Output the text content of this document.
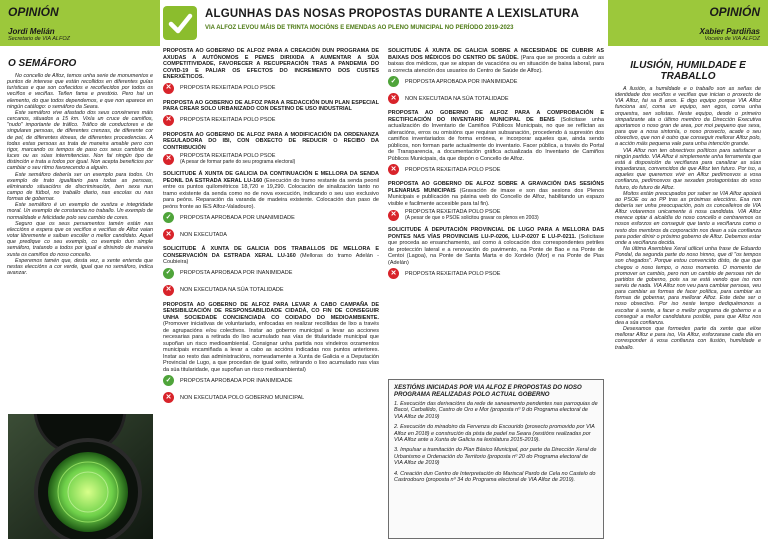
OPINIÓN
Jordi Melián
Secretario de VIA ALFOZ
O SEMÁFORO

No concello de Alfoz, temos unha serie de monumentos e puntos de interese que están recollidos en diferentes guías turísticas e que son coñecidos e recoñecidos por todos os veciños e veciñas. Teñen fama e prestixio. Pero hai un elemento, do que todos dependemos, e que non aparece en ningún catálogo: o semáforo da Seara.

Este semáforo vive afastado dos seus conxéneres máis cercanos, situados a 15 km. Vixía un cruce de camiños, "nudo" importante de tráfico. Tráfico de conductores e de singulares persoas, de diferentes crenzas, de diferente cor de pel, de diferentes étneas, de diferentes procedencias. A todas estas persoas as trata de maneira amable pero con rigor, marcando os tempos de paso cos seus cambios de luces ou as súas intermitencias. Non fai ningún tipo de distinción e trata a todos por igual. Non acepta beneficios por cambiar o seu ritmo favorecendo a alguén.

Este semáforo debería ser un exemplo para todos. Un exemplo de trato igualitario para todas as persoas, eliminando situacións de discriminación, ben sexa nun campo de fútbol, no traballo diario, nas escolas ou nas formas de gobernar.

Este semáforo é un exemplo de xustiza e integridade moral. Un exemplo de constancia no traballo. Un exemplo de normalidade e felicidade polo seu cambio de cores.

Seguro que os seus persamentos tamén están nas eleccións e espera que os veciños e veciñas de Alfoz vaian votar libremente e saiban escoller o mellor candidato. Aquel que predique co seu exemplo, co exemplo dun simple semáforo, tratando a todos por igual e dirixindo de maneira xusta os camiños do noso concello.

Esperemos tamén que, desta vez, a xente entenda que nestas eleccións a cor verde, igual que no semáforo, indica avanzar.

ALGUNHAS DAS NOSAS PROPOSTAS DURANTE A LEXISLATURA
VIA ALFOZ LEVOU MÁIS DE TRINTA MOCIÓNS E EMENDAS AO PLENO MUNICIPAL NO PERÍODO 2019-2023
PROPOSTA AO GOBERNO DE ALFOZ PARA A CREACIÓN DUN PROGRAMA DE AXUDAS A AUTÓNOMOS E PEMES DIRIXIDA A AUMENTAR A SÚA COMPETITIVIDADE, FAVORECER A RECUPERACIÓN TRAS A PANDEMIA DO COVID-19 E PALIAR OS EFECTOS DO INCREMENTO DOS CUSTES ENERXÉTICOS.
✕	PROPOSTA REXEITADA POLO PSOE
PROPOSTA AO GOBERNO DE ALFOZ PARA A REDACCIÓN DUN PLAN ESPECIAL PARA CREAR SOLO URBANIZADO CON DESTINO DE USO INDUSTRIAL
✕	PROPOSTA REXEITADA POLO PSOE
PROPOSTA AO GOBERNO DE ALFOZ PARA A MODIFICACIÓN DA ORDENANZA REGULADORA DO IBI, CON OBXECTO DE REDUCIR O RECIBO DA CONTRIBUCIÓN
✕	PROPOSTA REXEITADA POLO PSOE
(A pesar de formar parte do seu programa electoral)
SOLICITUDE Á XUNTA DE GALICIA DA CONTINUACIÓN E MELLORA DA SENDA PEONIL DA ESTRADA XERAL LU-160 (Execución do tramo restante da senda peonil entre os puntos quilométricos 18,720 e 19,290. Colocación de sinalización tanto no tramo existente da senda como no de nova execución, indicando o seu uso exclusivo para peóns. Reparación da varanda de madeira existente. Colocación dun paso de peóns fronte ao IES Alfoz-Valadouro).
✓	PROPOSTA APROBADA POR UNANIMIDADE
✕	NON EXECUTADA
SOLICITUDE Á XUNTA DE GALICIA DOS TRABALLOS DE MELLORA E CONSERVACIÓN DA ESTRADA XERAL LU-160 (Melloras do tramo Adelán - Coubieira)
✓	PROPOSTA APROBADA POR INANIMIDADE
✕	NON EXECUTADA NA SÚA TOTALIDADE
PROPOSTA AO GOBERNO DE ALFOZ PARA LEVAR A CABO CAMPAÑA DE SENSIBILIZACIÓN DE RESPONSABILIDADE CIDADÁ, CO FIN DE CONSEGUIR UNHA SOCIEDADE CONCIENCIADA CO COIDADO DO MEDIOAMBIENTE. (Promover iniciativas de voluntariado, enfocadas en realizar recollidas de lixo a través de agrupacións e/ou colectivos. Instar ao goberno municipal a levar ao acciones necesarias para a retirada do lixo acumulado nas vías de titularidade municipal que supoñan un risco medioambiental. Consignar unha partida nos vindeiros orzamentos municipais encamiñada a levar a cabo as accións indicadas nos puntos anteriores. Instar ao resto das administracións, nomeadamente a Xunta de Galicia e a Deputación Provincial de Lugo, a que procedan de igual xeito, retirando o lixo acumulado nas vías da súa titularidade, que supoñan un risco medioambiental)
✓	PROPOSTA APROBADA POR INANIMIDADE
✕	NON EXECUTADA POLO GOBERNO MUNICIPAL
SOLICITUDE Á XUNTA DE GALICIA SOBRE A NECESIDADE DE CUBRIR AS BAIXAS DOS MÉDICOS DO CENTRO DE SAÚDE. (Para que se proceda a cubrir as baixas dos médicos, que se atopan de vacacións ou en situación de baixa laboral, para a correcta atención dos usuarios do Centro de Saúde de Alfoz).
✓	PROPOSTA APROBADA POR INANIMIDADE
✕	NON EXECUTADA NA SÚA TOTALIDADE
PROPOSTA AO GOBERNO DE ALFOZ PARA A COMPROBACIÓN E RECTIFICACIÓN DO INVENTARIO MUNICIPAL DE BENS (Solicitase unha actualización do Inventario de Camiños Públicos Municipais, no que se reflictan as alteracións, erros ou omisións que requiran subsanación, procedendo á supresión dos camiños inventariados de forma errónea, e incorporar aqueles que, ainda sendo públicos, non forman parte actualmente do inventario. Facer pública, a través do Portal de Transparencia, a documentación gráfica actualizada do Inventario de Camiños Públicos Municipais, da que dispón o Concello de Alfoz.
✕	PROPOSTA REXEITADA POLO PSOE
PROPOSTA AO GOBERNO DE ALFOZ SOBRE A GRAVACIÓN DAS SESIÓNS PLENARIAS MUNICIPAIS (Gravación de imaxe e son das sesions dos Plenos Municipais e publicación na páxina web do Concello de Alfoz, habilitando un espazo visible e facilmente accesible para tal fin).
✕	PROPOSTA REXEITADA POLO PSOE
(A pesar de que o PSOE solicitou gravar os plenos en 2003)
SOLICITUDE Á DEPUTACIÓN PROVINCIAL DE LUGO PARA A MELLORA DAS PONTES NAS VÍAS PROVINCIAIS LU-P-0206, LU-P-0207 E LU-P-0211. (Solicitase que proceda ao ensanchamento, así como á colocación dos correspondentes petriles de protección lateral e a renovación do pavimento, na Ponte de Bao e na Ponte de Centoi (Lagoa), na Ponte de Santa Marta e do Xordelo (Mor) e na Ponte de Pias (Adelán)
✕	PROPOSTA REXEITADA POLO PSOE
XESTIÓNS INICIADAS POR VIA ALFOZ E PROPOSTAS DO NOSO PROGRAMA REALIZADAS POLO ACTUAL GOBERNO
1. Execución das derivacións da rede de saneamento pendentes nas parroquias de Bacoi, Carballido, Castro de Oro e Mor (proposta nº 9 do Programa electoral de VIA Alfoz de 2019)
2. Execución do miradoiro da Fervenza do Escourido (proxecto promovido por VIA Alfoz en 2018) e construción da pista de padel na Seara (xestións realizadas por VIA Alfoz ante a Xunta de Galicia na lexislatura 2015-2019).
3. Impulsar a tramitación do Plan Básico Municipal, por parte da Dirección Xeral de Urbanismo e Ordenación do Territorio (proposta nº 20 do Programa electoral de VIA Alfoz de 2019)
4. Creación dun Centro de Interpretación do Mariscal Pardo de Cela no Castelo do Castrodouro (proposta nº 34 do Programa electoral de VIA Alfoz de 2019).
OPINIÓN
Xabier Pardiñas
Voceiro de VIA ALFOZ
ILUSIÓN, HUMILDADE E TRABALLO

A ilusión, a humildade e o traballo son as señas de identidade dos veciños e veciñas que inician o proxecto de VIA Alfoz, fai xa 8 anos. E digo equipo porque VIA Alfoz funciona así, coma un equipo, sen egos, coma unha orquestra, sen solistas. Neste equipo, desde o primeiro simpatizante ata o último membro da Dirección Executiva aportamos o noso gran de area, por moi pequeno que sexa, para que a nosa sintonía, o noso proxecto, acade o seu obxectivo, que non é outro que conseguir mellorar Alfoz polo, a acción máis pequena vale para unha intención grande.

VIA Alfoz non ten obxectivos políticos para satisfacer a ningún partido. VIA Alfoz é simplemente unha ferramenta que está á disposición da veciñanza para canalizar as súas inquedanzas, convencidos de que Alfoz ten futuro. Por iso, a aqueles que queremos vivir en Alfoz pedímosvos a vosa confianza, pedímosvos que sexades protagonistas do voso futuro, do futuro de Alfoz.

Moitos están preocupados por saber se VIA Alfoz apoiará ao PSOE ou ao PP tras as próximas eleccións. Esa non debería ser unha preocupación, pois os concelleiros de VIA Alfoz votaremos unicamente á nosa candidata. VIA Alfoz merece optar á alcaldía do noso concello e centraremos os nosos esforzos en conseguir que tanto a veciñanza como o resto dos membros da corporación nos dean a súa confianza para poder dirixir o próximo goberno de Alfoz. Debemos estar onde a veciñanza decida.

Na última Asemblea Xeral utilicei unha frase de Eduardo Pondal, da segunda parte do noso himno, que di "os tempos son chegados". Porque estou convencido disto, de que que chegou o noso tempo, o noso momento. O momento de promover un cambio, pero non un cambio de persoas nin de partidos de goberno, pois xa se está vendo que iso non serviu de nada. VIA Alfoz non veu para cambiar persoas, veu para cambiar as formas de facer política, para cambiar as formas de gobernar, para mellorar Alfoz. Este debe ser o noso obxectivo. Por iso neste tempo dediquémonos a escoitar á xente, a facer o mellor programa de goberno e a conseguir a mellor candidatura posible, para que Alfoz nos dea a súa confianza.

Desexamos que formedes parte da xente que elixe mellorar Alfoz e para iso, Via Alfoz, esforzarase cada día en corresponder á vosa confianza con ilusión, humildade e traballo.
